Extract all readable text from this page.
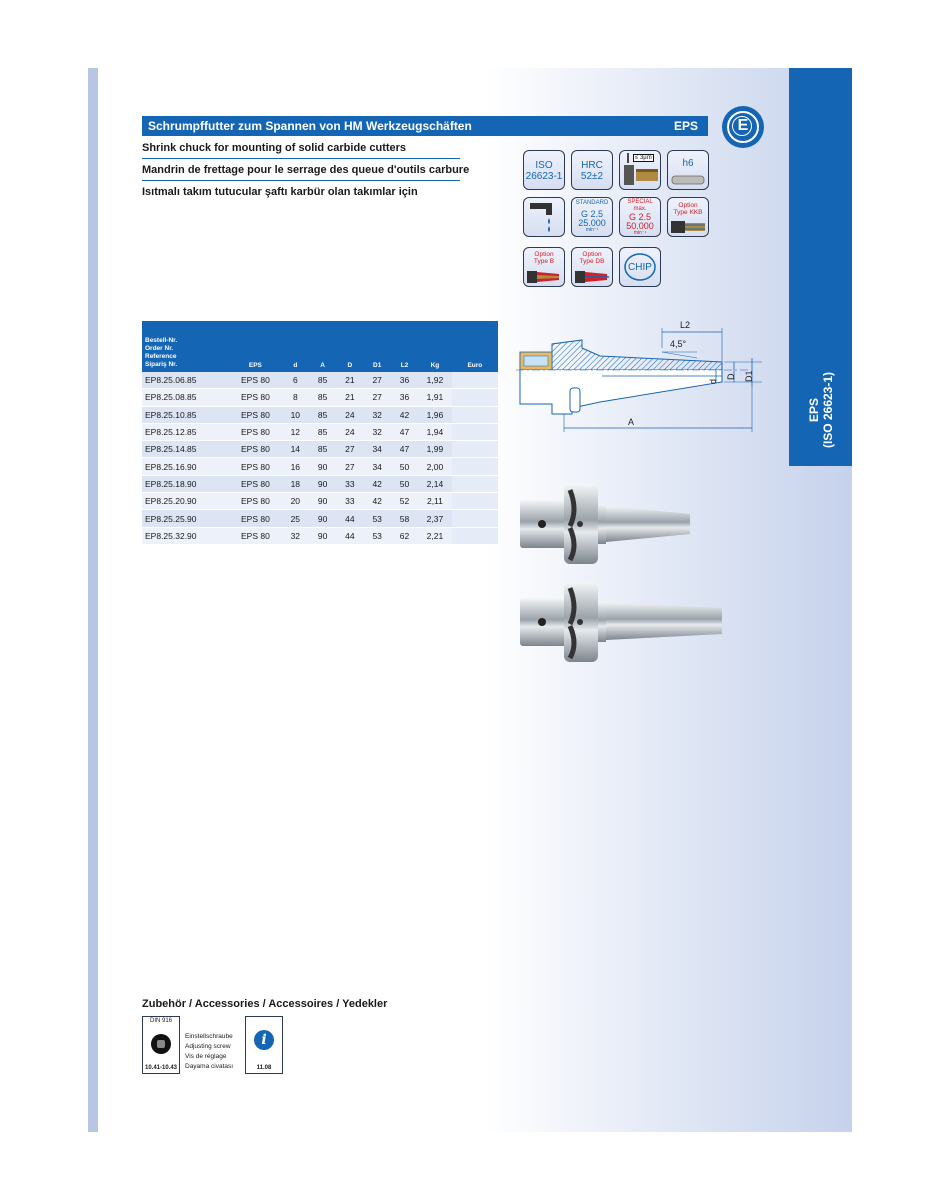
EPS (ISO 26623-1)
Schrumpffutter zum Spannen von HM Werkzeugschäften	EPS	E
Shrink chuck for mounting of solid carbide cutters
Mandrin de frettage pour le serrage des queue d'outils carbure
Isıtmalı takım tutucular şaftı karbür olan takımlar için
ISO
26623-1
HRC
52±2
≤ 3µm	h6
STANDARD
G 2.5
25.000
min⁻¹
SPECIAL
max.
G 2.5
50.000
min⁻¹
Option
Type KKB
Option
Type B
Option
Type DB
CHIP
Bestell-Nr.
Order Nr.
Reference
Sipariş Nr.	EPS	d	A	D	D1	L2	Kg	Euro
EP8.25.06.85	EPS 80	6	85	21	27	36	1,92	
EP8.25.08.85	EPS 80	8	85	21	27	36	1,91	
EP8.25.10.85	EPS 80	10	85	24	32	42	1,96	
EP8.25.12.85	EPS 80	12	85	24	32	47	1,94	
EP8.25.14.85	EPS 80	14	85	27	34	47	1,99	
EP8.25.16.90	EPS 80	16	90	27	34	50	2,00	
EP8.25.18.90	EPS 80	18	90	33	42	50	2,14	
EP8.25.20.90	EPS 80	20	90	33	42	52	2,11	
EP8.25.25.90	EPS 80	25	90	44	53	58	2,37	
EP8.25.32.90	EPS 80	32	90	44	53	62	2,21	
L2
4,5°
d
D D1
A
Zubehör / Accessories / Accessoires / Yedekler
DIN 916
10.41-10.43
Einstellschraube
Adjusting screw
Vis de réglage
Dayama civatası
i
11.08
